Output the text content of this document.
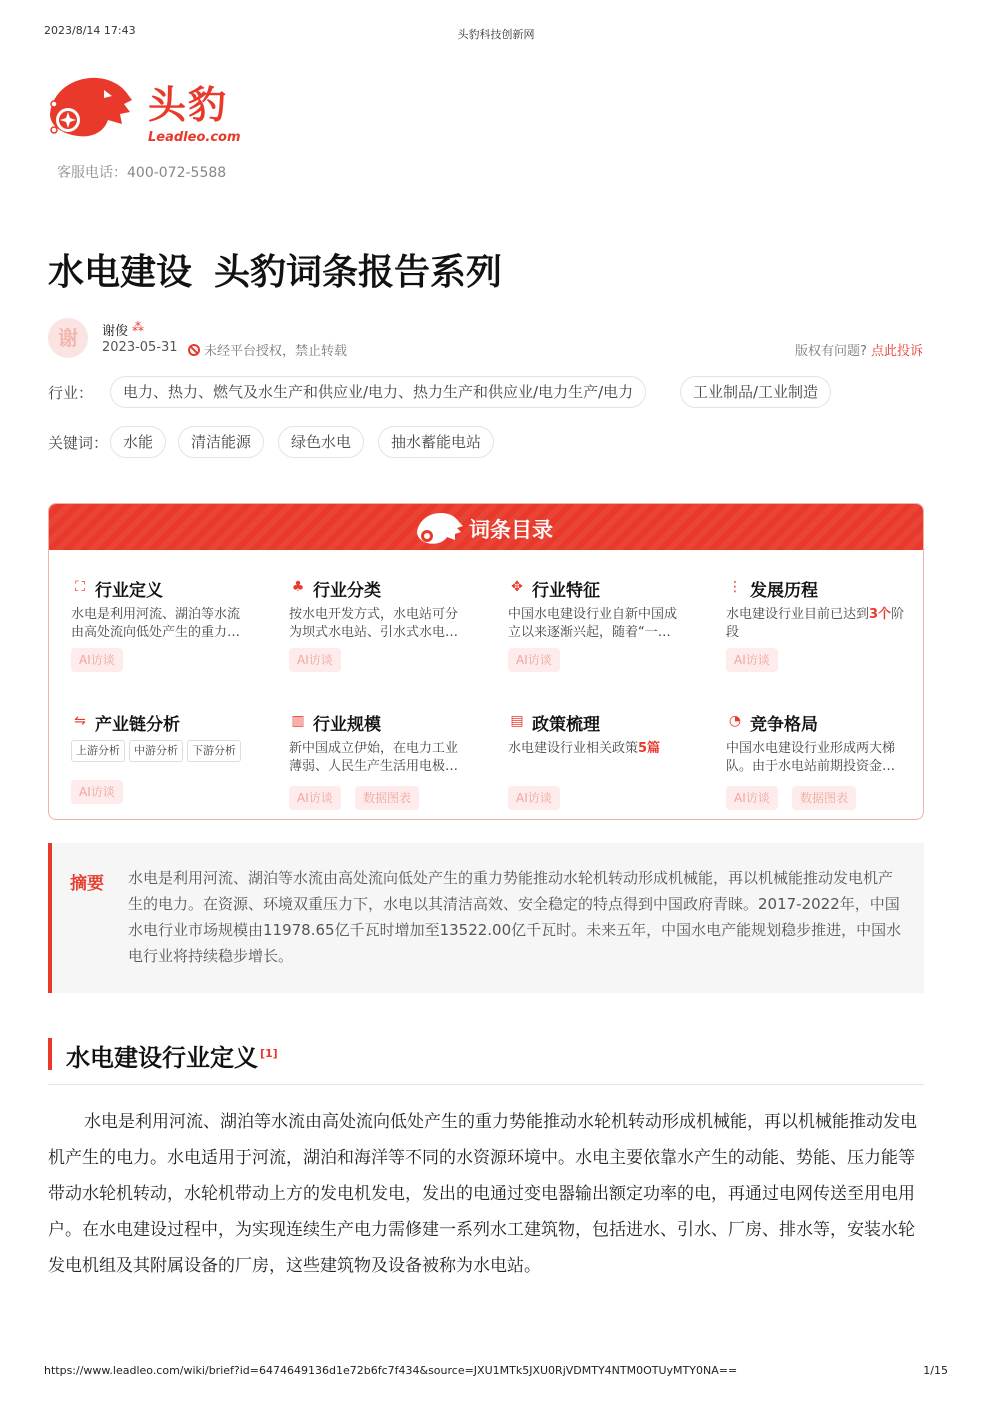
2023/8/14 17:43	头豹科技创新网
头豹
Leadleo.com
客服电话：400-072-5588
水电建设 头豹词条报告系列
谢	谢俊 ⁂
2023-05-31	未经平台授权，禁止转载	版权有问题? 点此投诉
行业：	电力、热力、燃气及水生产和供应业/电力、热力生产和供应业/电力生产/电力	工业制品/工业制造
关键词： 水能	清洁能源	绿色水电	抽水蓄能电站
词条目录
⛶ 行业定义
水电是利用河流、湖泊等水流由高处流向低处产生的重力…
AI访谈
♣ 行业分类
按水电开发方式，水电站可分为坝式水电站、引水式水电…
AI访谈
✥ 行业特征
中国水电建设行业自新中国成立以来逐渐兴起，随着“一…
AI访谈
⋮ 发展历程
水电建设行业目前已达到3个阶段
AI访谈
⇋ 产业链分析
上游分析	中游分析	下游分析
AI访谈
▥ 行业规模
新中国成立伊始，在电力工业薄弱、人民生产生活用电极…
AI访谈	数据图表
▤ 政策梳理
水电建设行业相关政策5篇
AI访谈
◔ 竞争格局
中国水电建设行业形成两大梯队。由于水电站前期投资金…
AI访谈	数据图表
摘要 水电是利用河流、湖泊等水流由高处流向低处产生的重力势能推动水轮机转动形成机械能，再以机械能推动发电机产生的电力。在资源、环境双重压力下，水电以其清洁高效、安全稳定的特点得到中国政府青睐。2017-2022年，中国水电行业市场规模由11978.65亿千瓦时增加至13522.00亿千瓦时。未来五年，中国水电产能规划稳步推进，中国水电行业将持续稳步增长。
水电建设行业定义 [1]
水电是利用河流、湖泊等水流由高处流向低处产生的重力势能推动水轮机转动形成机械能，再以机械能推动发电机产生的电力。水电适用于河流，湖泊和海洋等不同的水资源环境中。水电主要依靠水产生的动能、势能、压力能等带动水轮机转动，水轮机带动上方的发电机发电，发出的电通过变电器输出额定功率的电，再通过电网传送至用电用户。在水电建设过程中，为实现连续生产电力需修建一系列水工建筑物，包括进水、引水、厂房、排水等，安装水轮发电机组及其附属设备的厂房，这些建筑物及设备被称为水电站。
https://www.leadleo.com/wiki/brief?id=6474649136d1e72b6fc7f434&source=JXU1MTk5JXU0RjVDMTY4NTM0OTUyMTY0NA==	1/15
